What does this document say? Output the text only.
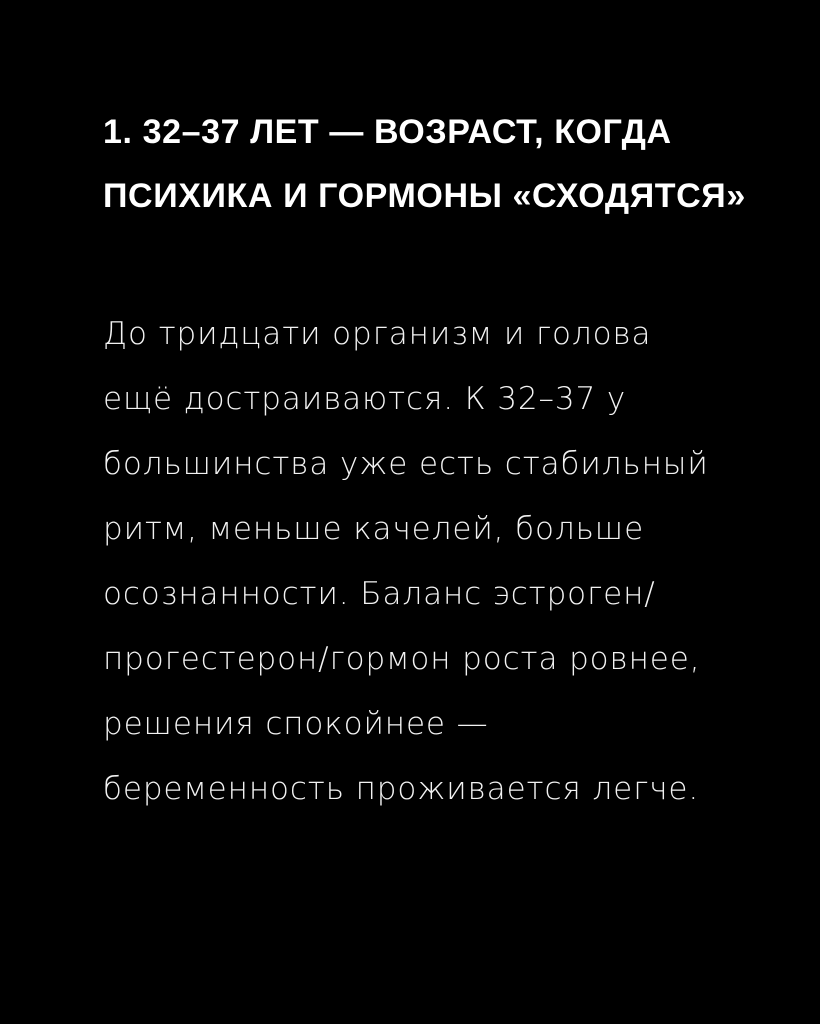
1. 32–37 ЛЕТ — ВОЗРАСТ, КОГДА
ПСИХИКА И ГОРМОНЫ «СХОДЯТСЯ»
До тридцати организм и голова
ещё достраиваются. К 32–37 у
большинства уже есть стабильный
ритм, меньше качелей, больше
осознанности. Баланс эстроген/
прогестерон/гормон роста ровнее,
решения спокойнее —
беременность проживается легче.
